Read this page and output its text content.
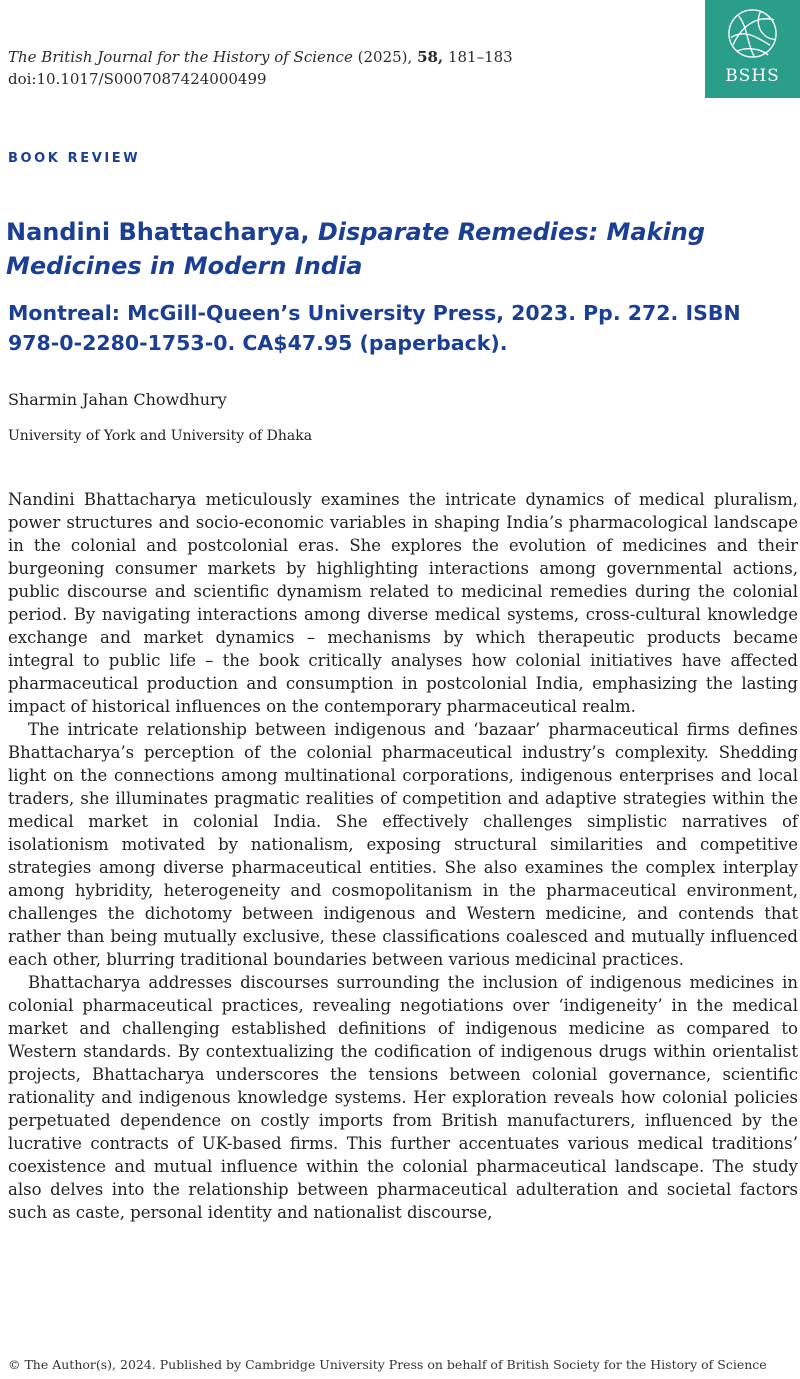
The British Journal for the History of Science (2025), 58, 181–183
doi:10.1017/S0007087424000499	BSHS
BOOK REVIEW
Nandini Bhattacharya, Disparate Remedies: Making Medicines in Modern India
Montreal: McGill-Queen’s University Press, 2023. Pp. 272. ISBN 978-0-2280-1753-0. CA$47.95 (paperback).
Sharmin Jahan Chowdhury
University of York and University of Dhaka

Nandini Bhattacharya meticulously examines the intricate dynamics of medical pluralism, power structures and socio-economic variables in shaping India’s pharmacological landscape in the colonial and postcolonial eras. She explores the evolution of medicines and their burgeoning consumer markets by highlighting interactions among governmental actions, public discourse and scientific dynamism related to medicinal remedies during the colonial period. By navigating interactions among diverse medical systems, cross-cultural knowledge exchange and market dynamics – mechanisms by which therapeutic products became integral to public life – the book critically analyses how colonial initiatives have affected pharmaceutical production and consumption in postcolonial India, emphasizing the lasting impact of historical influences on the contemporary pharmaceutical realm.

The intricate relationship between indigenous and ‘bazaar’ pharmaceutical firms defines Bhattacharya’s perception of the colonial pharmaceutical industry’s complexity. Shedding light on the connections among multinational corporations, indigenous enterprises and local traders, she illuminates pragmatic realities of competition and adaptive strategies within the medical market in colonial India. She effectively challenges simplistic narratives of isolationism motivated by nationalism, exposing structural similarities and competitive strategies among diverse pharmaceutical entities. She also examines the complex interplay among hybridity, heterogeneity and cosmopolitanism in the pharmaceutical environment, challenges the dichotomy between indigenous and Western medicine, and contends that rather than being mutually exclusive, these classifications coalesced and mutually influenced each other, blurring traditional boundaries between various medicinal practices.

Bhattacharya addresses discourses surrounding the inclusion of indigenous medicines in colonial pharmaceutical practices, revealing negotiations over ‘indigeneity’ in the medical market and challenging established definitions of indigenous medicine as compared to Western standards. By contextualizing the codification of indigenous drugs within orientalist projects, Bhattacharya underscores the tensions between colonial governance, scientific rationality and indigenous knowledge systems. Her exploration reveals how colonial policies perpetuated dependence on costly imports from British manufacturers, influenced by the lucrative contracts of UK-based firms. This further accentuates various medical traditions’ coexistence and mutual influence within the colonial pharmaceutical landscape. The study also delves into the relationship between pharmaceutical adulteration and societal factors such as caste, personal identity and nationalist discourse,

© The Author(s), 2024. Published by Cambridge University Press on behalf of British Society for the History of Science
